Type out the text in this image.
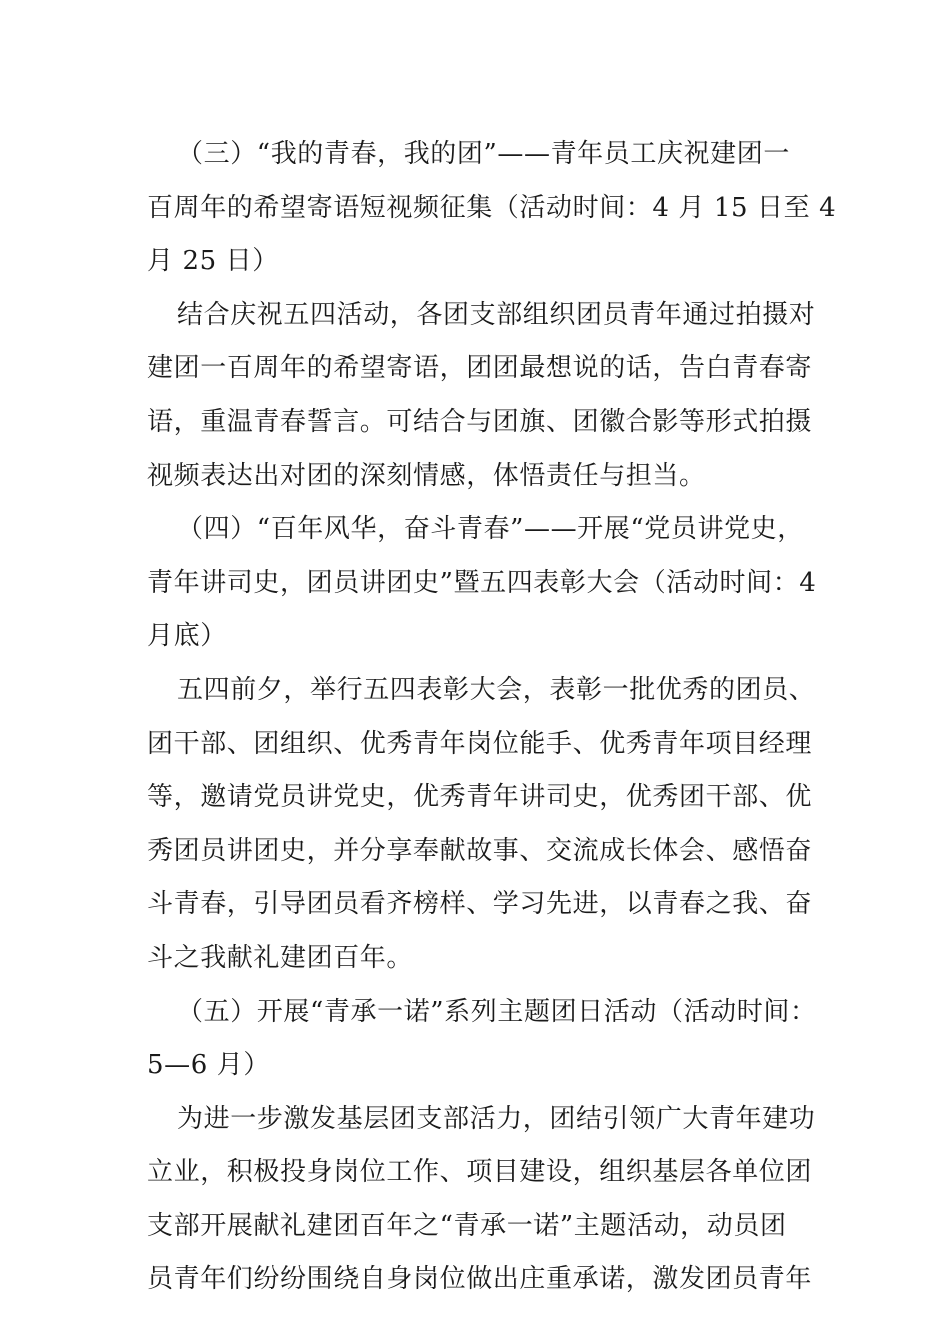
（三）“我的青春，我的团”——青年员工庆祝建团一
百周年的希望寄语短视频征集（活动时间：4 月 15 日至 4
月 25 日）
结合庆祝五四活动，各团支部组织团员青年通过拍摄对
建团一百周年的希望寄语，团团最想说的话，告白青春寄
语，重温青春誓言。可结合与团旗、团徽合影等形式拍摄
视频表达出对团的深刻情感，体悟责任与担当。
（四）“百年风华，奋斗青春”——开展“党员讲党史，
青年讲司史，团员讲团史”暨五四表彰大会（活动时间：4
月底）
五四前夕，举行五四表彰大会，表彰一批优秀的团员、
团干部、团组织、优秀青年岗位能手、优秀青年项目经理
等，邀请党员讲党史，优秀青年讲司史，优秀团干部、优
秀团员讲团史，并分享奉献故事、交流成长体会、感悟奋
斗青春，引导团员看齐榜样、学习先进，以青春之我、奋
斗之我献礼建团百年。
（五）开展“青承一诺”系列主题团日活动（活动时间：
5—6 月）
为进一步激发基层团支部活力，团结引领广大青年建功
立业，积极投身岗位工作、项目建设，组织基层各单位团
支部开展献礼建团百年之“青承一诺”主题活动，动员团
员青年们纷纷围绕自身岗位做出庄重承诺，激发团员青年
